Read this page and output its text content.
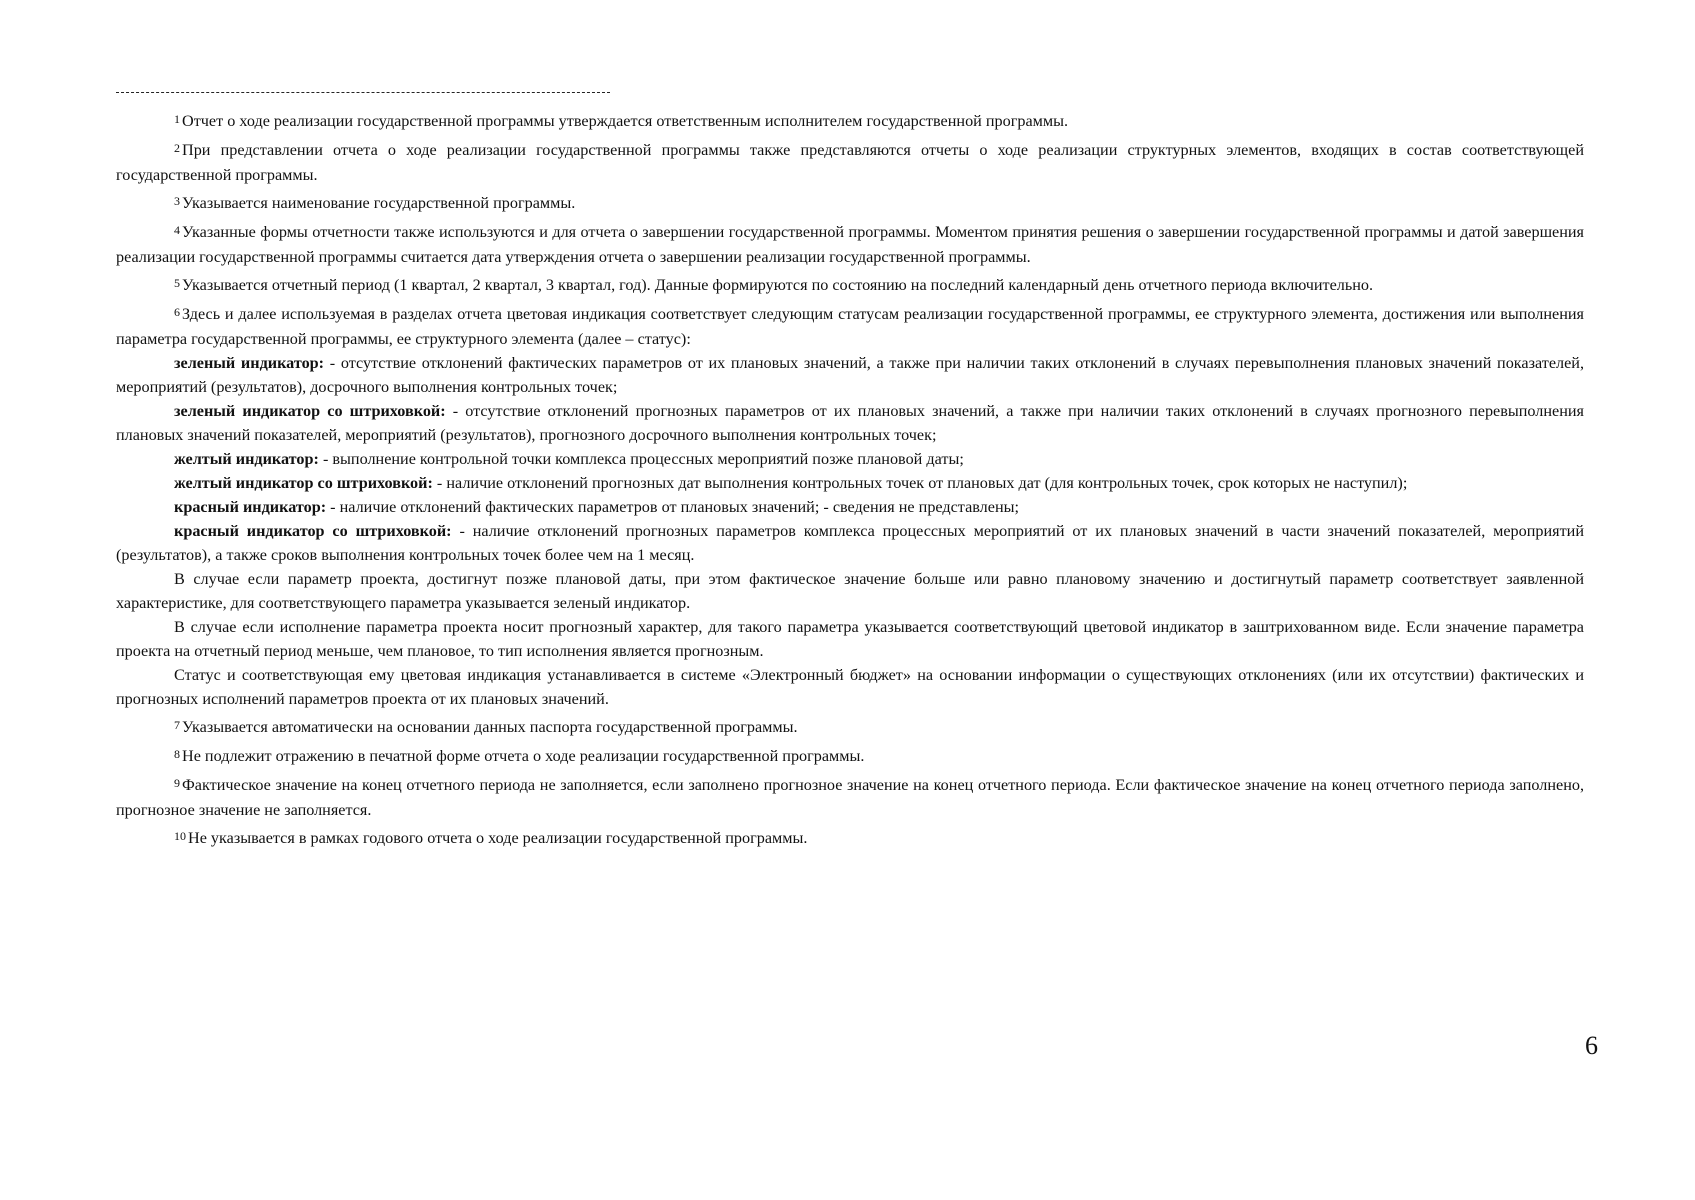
$^1$ Отчет о ходе реализации государственной программы утверждается ответственным исполнителем государственной программы.

$^2$ При представлении отчета о ходе реализации государственной программы также представляются отчеты о ходе реализации структурных элементов, входящих в состав соответствующей государственной программы.

$^3$ Указывается наименование государственной программы.

$^4$ Указанные формы отчетности также используются и для отчета о завершении государственной программы. Моментом принятия решения о завершении государственной программы и датой завершения реализации государственной программы считается дата утверждения отчета о завершении реализации государственной программы.

$^5$ Указывается отчетный период (1 квартал, 2 квартал, 3 квартал, год). Данные формируются по состоянию на последний календарный день отчетного периода включительно.

$^6$ Здесь и далее используемая в разделах отчета цветовая индикация соответствует следующим статусам реализации государственной программы, ее структурного элемента, достижения или выполнения параметра государственной программы, ее структурного элемента (далее – статус):

зеленый индикатор: - отсутствие отклонений фактических параметров от их плановых значений, а также при наличии таких отклонений в случаях перевыполнения плановых значений показателей, мероприятий (результатов), досрочного выполнения контрольных точек;

зеленый индикатор со штриховкой: - отсутствие отклонений прогнозных параметров от их плановых значений, а также при наличии таких отклонений в случаях прогнозного перевыполнения плановых значений показателей, мероприятий (результатов), прогнозного досрочного выполнения контрольных точек;

желтый индикатор: - выполнение контрольной точки комплекса процессных мероприятий позже плановой даты;

желтый индикатор со штриховкой: - наличие отклонений прогнозных дат выполнения контрольных точек от плановых дат (для контрольных точек, срок которых не наступил);

красный индикатор: - наличие отклонений фактических параметров от плановых значений; - сведения не представлены;

красный индикатор со штриховкой: - наличие отклонений прогнозных параметров комплекса процессных мероприятий от их плановых значений в части значений показателей, мероприятий (результатов), а также сроков выполнения контрольных точек более чем на 1 месяц.

В случае если параметр проекта, достигнут позже плановой даты, при этом фактическое значение больше или равно плановому значению и достигнутый параметр соответствует заявленной характеристике, для соответствующего параметра указывается зеленый индикатор.

В случае если исполнение параметра проекта носит прогнозный характер, для такого параметра указывается соответствующий цветовой индикатор в заштрихованном виде. Если значение параметра проекта на отчетный период меньше, чем плановое, то тип исполнения является прогнозным.

Статус и соответствующая ему цветовая индикация устанавливается в системе «Электронный бюджет» на основании информации о существующих отклонениях (или их отсутствии) фактических и прогнозных исполнений параметров проекта от их плановых значений.

$^7$ Указывается автоматически на основании данных паспорта государственной программы.

$^8$ Не подлежит отражению в печатной форме отчета о ходе реализации государственной программы.

$^9$ Фактическое значение на конец отчетного периода не заполняется, если заполнено прогнозное значение на конец отчетного периода. Если фактическое значение на конец отчетного периода заполнено, прогнозное значение не заполняется.

$^{10}$ Не указывается в рамках годового отчета о ходе реализации государственной программы.

6
